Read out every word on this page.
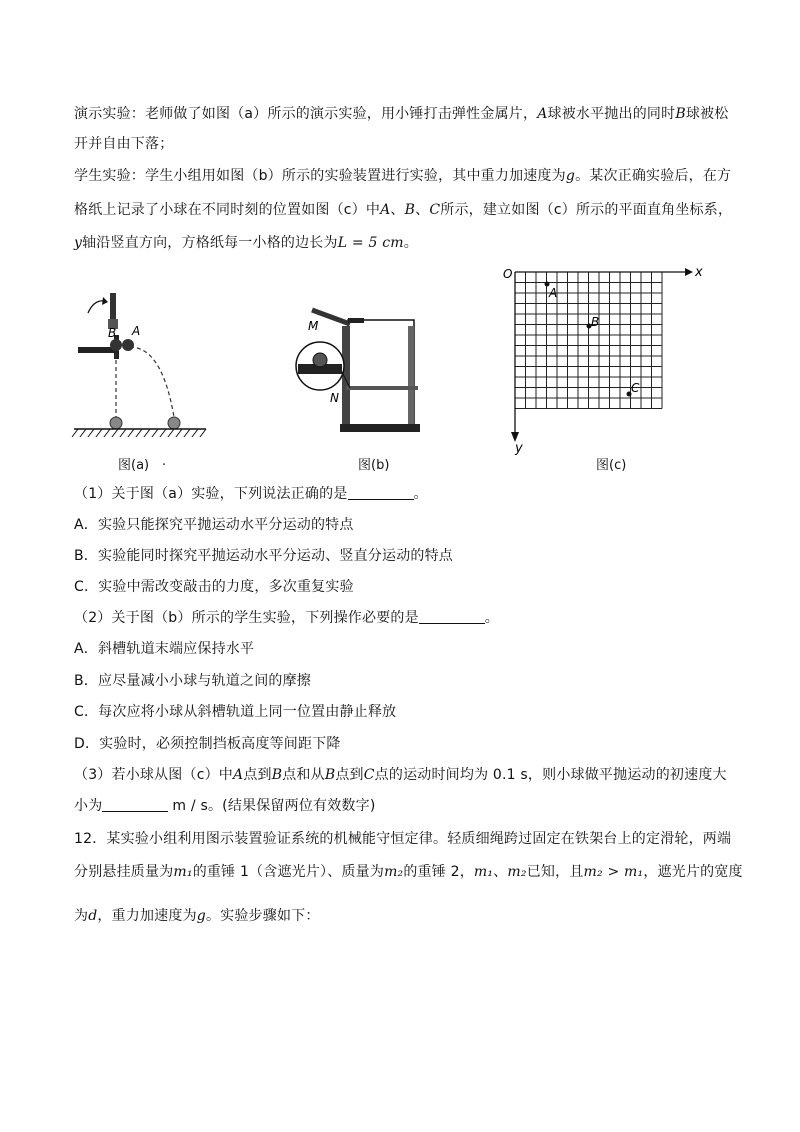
演示实验：老师做了如图（a）所示的演示实验，用小锤打击弹性金属片，A球被水平抛出的同时B球被松
开并自由下落；
学生实验：学生小组用如图（b）所示的实验装置进行实验，其中重力加速度为g。某次正确实验后，在方
格纸上记录了小球在不同时刻的位置如图（c）中A、B、C所示，建立如图（c）所示的平面直角坐标系，
y轴沿竖直方向，方格纸每一小格的边长为L = 5 cm。
B A
图(a) .
M
N
图(b)
O	x
y
A
B
C
图(c)
（1）关于图（a）实验，下列说法正确的是	。
A．实验只能探究平抛运动水平分运动的特点
B．实验能同时探究平抛运动水平分运动、竖直分运动的特点
C．实验中需改变敲击的力度，多次重复实验
（2）关于图（b）所示的学生实验，下列操作必要的是	。
A．斜槽轨道末端应保持水平
B．应尽量减小小球与轨道之间的摩擦
C．每次应将小球从斜槽轨道上同一位置由静止释放
D．实验时，必须控制挡板高度等间距下降
（3）若小球从图（c）中A点到B点和从B点到C点的运动时间均为 0.1 s，则小球做平抛运动的初速度大
小为	m / s。(结果保留两位有效数字)
12．某实验小组利用图示装置验证系统的机械能守恒定律。轻质细绳跨过固定在铁架台上的定滑轮，两端
分别悬挂质量为m₁的重锤 1（含遮光片）、质量为m₂的重锤 2，m₁、m₂已知，且m₂ > m₁，遮光片的宽度
为d，重力加速度为g。实验步骤如下：
